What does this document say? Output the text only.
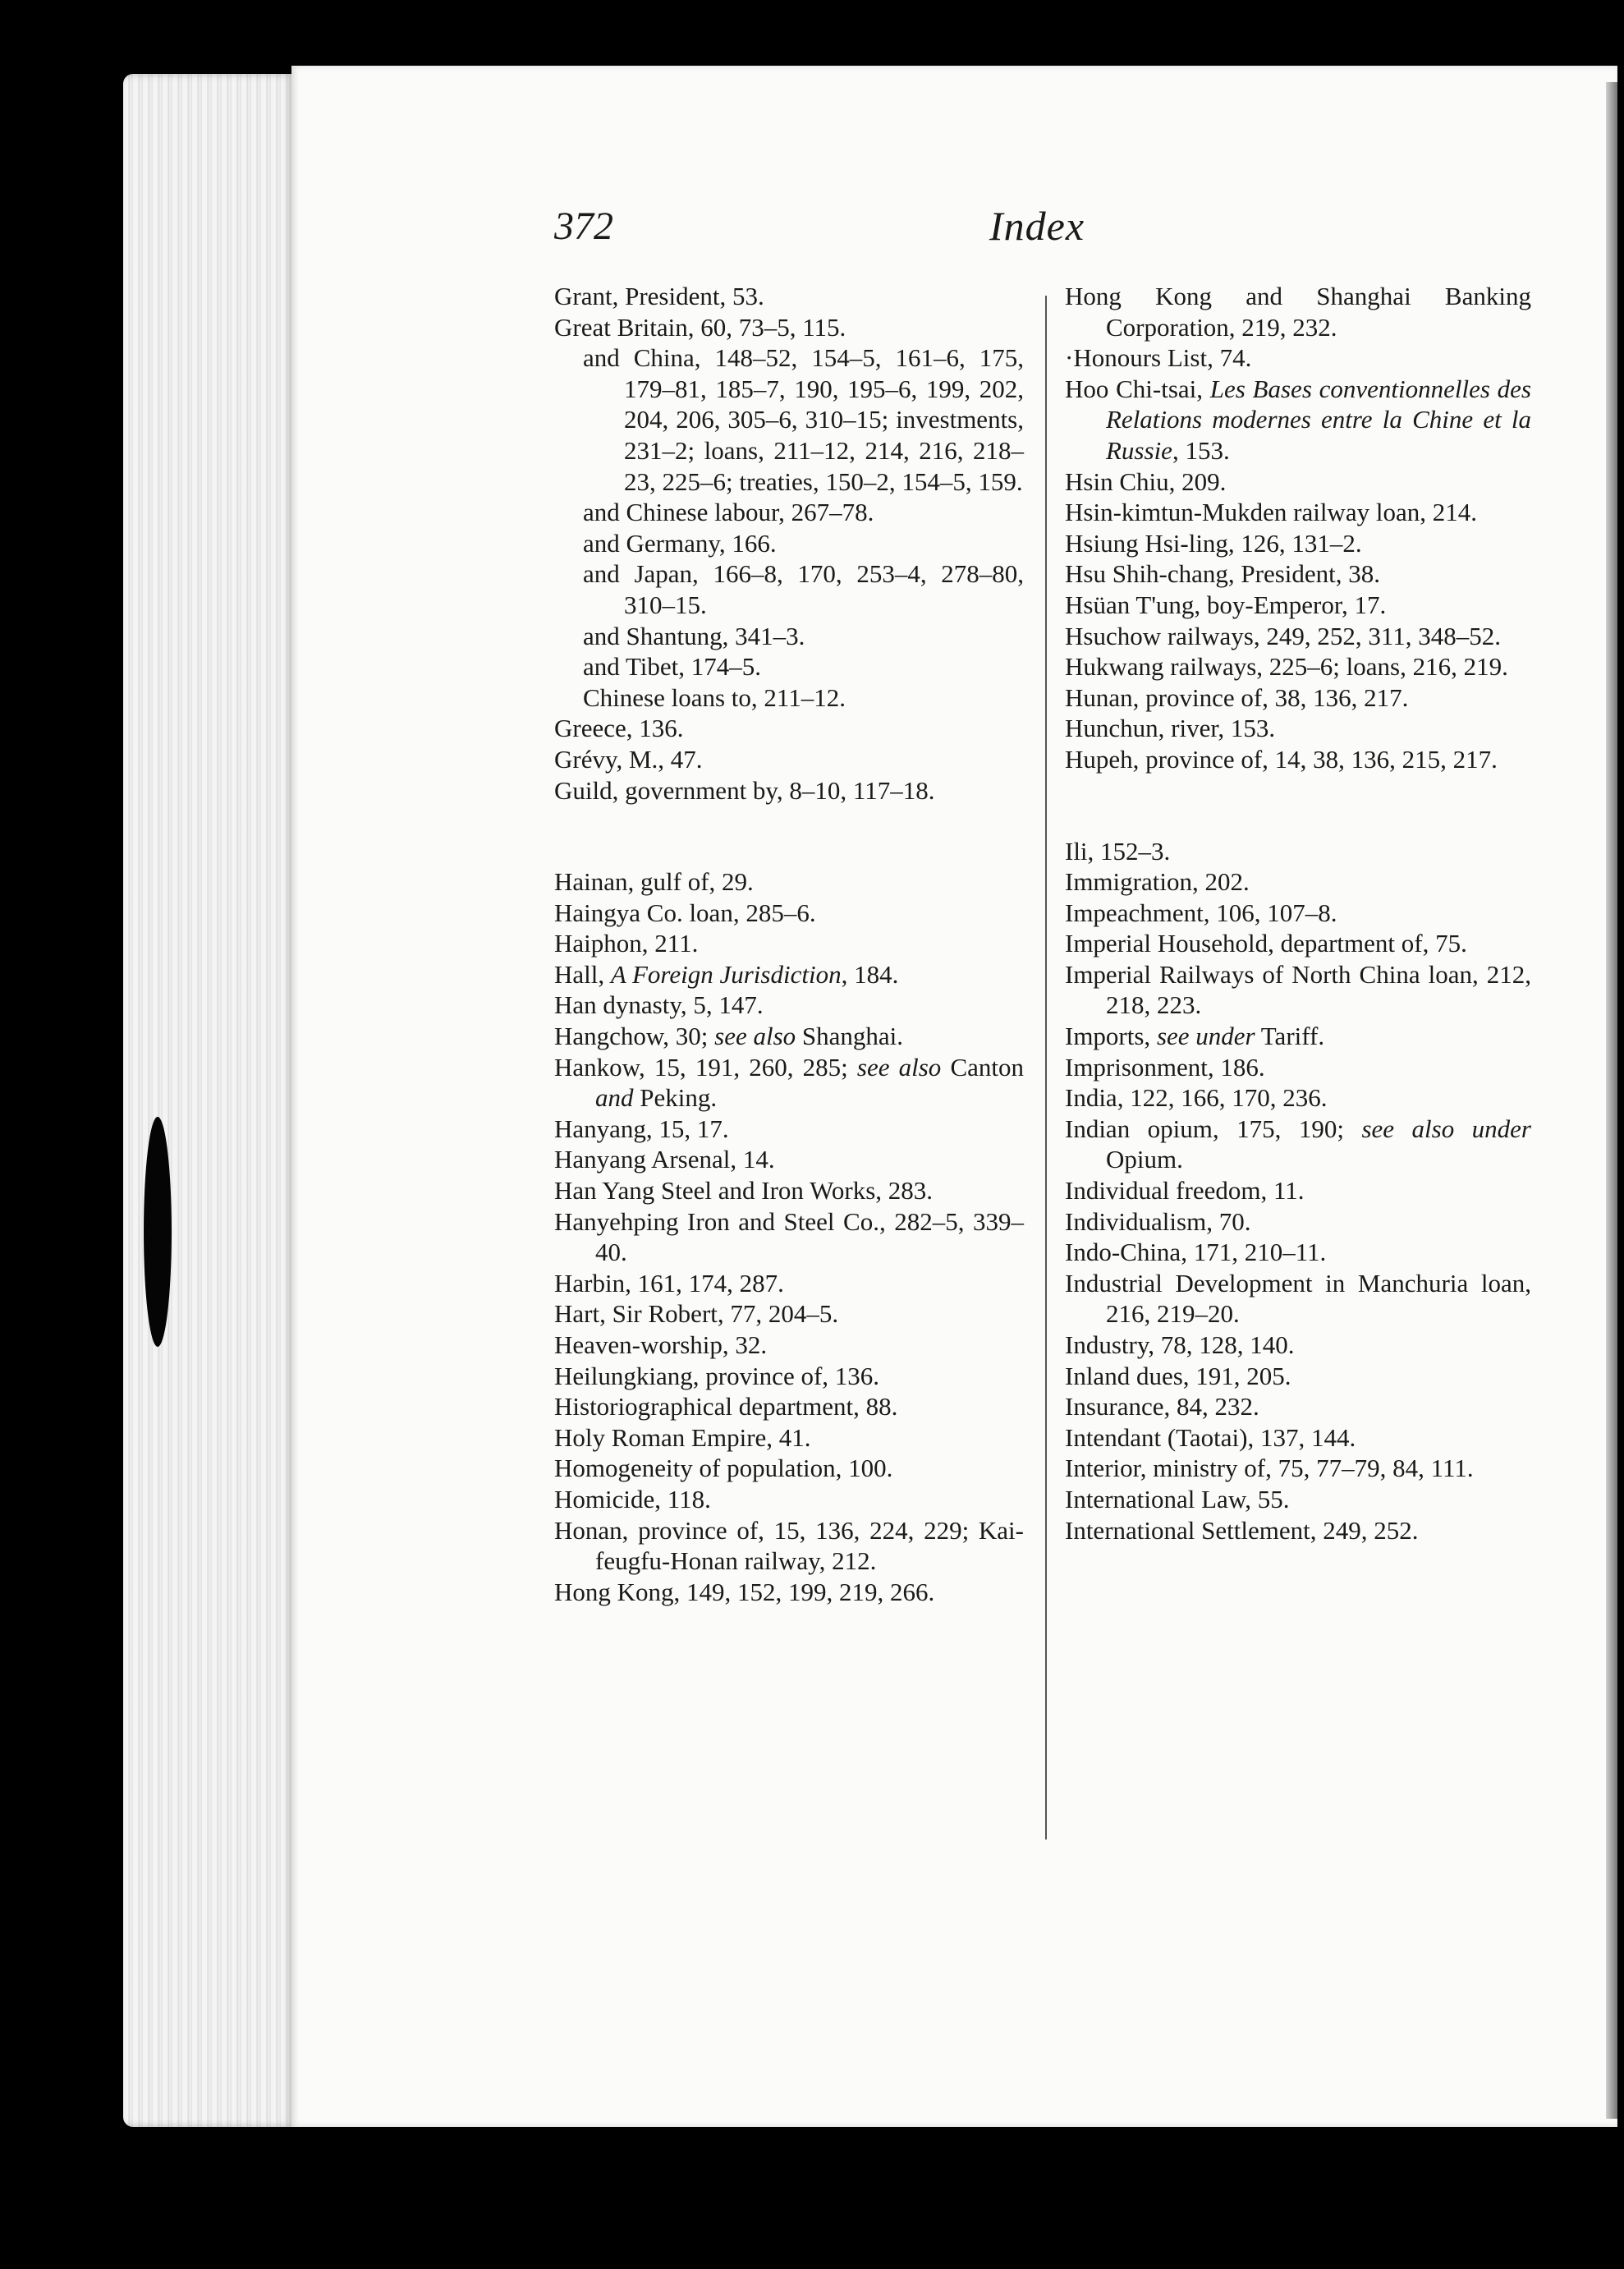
372	Index

Grant, President, 53.

Great Britain, 60, 73–5, 115.

and China, 148–52, 154–5, 161–6, 175, 179–81, 185–7, 190, 195–6, 199, 202, 204, 206, 305–6, 310–15; investments, 231–2; loans, 211–12, 214, 216, 218–23, 225–6; treaties, 150–2, 154–5, 159.

and Chinese labour, 267–78.

and Germany, 166.

and Japan, 166–8, 170, 253–4, 278–80, 310–15.

and Shantung, 341–3.

and Tibet, 174–5.

Chinese loans to, 211–12.

Greece, 136.

Grévy, M., 47.

Guild, government by, 8–10, 117–18.

Hainan, gulf of, 29.

Haingya Co. loan, 285–6.

Haiphon, 211.

Hall, A Foreign Jurisdiction, 184.

Han dynasty, 5, 147.

Hangchow, 30; see also Shanghai.

Hankow, 15, 191, 260, 285; see also Canton and Peking.

Hanyang, 15, 17.

Hanyang Arsenal, 14.

Han Yang Steel and Iron Works, 283.

Hanyehping Iron and Steel Co., 282–5, 339–40.

Harbin, 161, 174, 287.

Hart, Sir Robert, 77, 204–5.

Heaven-worship, 32.

Heilungkiang, province of, 136.

Historiographical department, 88.

Holy Roman Empire, 41.

Homogeneity of population, 100.

Homicide, 118.

Honan, province of, 15, 136, 224, 229; Kai-feugfu-Honan railway, 212.

Hong Kong, 149, 152, 199, 219, 266.

Hong Kong and Shanghai Banking Corporation, 219, 232.

·Honours List, 74.

Hoo Chi-tsai, Les Bases conventionnelles des Relations modernes entre la Chine et la Russie, 153.

Hsin Chiu, 209.

Hsin-kimtun-Mukden railway loan, 214.

Hsiung Hsi-ling, 126, 131–2.

Hsu Shih-chang, President, 38.

Hsüan T'ung, boy-Emperor, 17.

Hsuchow railways, 249, 252, 311, 348–52.

Hukwang railways, 225–6; loans, 216, 219.

Hunan, province of, 38, 136, 217.

Hunchun, river, 153.

Hupeh, province of, 14, 38, 136, 215, 217.

Ili, 152–3.

Immigration, 202.

Impeachment, 106, 107–8.

Imperial Household, department of, 75.

Imperial Railways of North China loan, 212, 218, 223.

Imports, see under Tariff.

Imprisonment, 186.

India, 122, 166, 170, 236.

Indian opium, 175, 190; see also under Opium.

Individual freedom, 11.

Individualism, 70.

Indo-China, 171, 210–11.

Industrial Development in Manchuria loan, 216, 219–20.

Industry, 78, 128, 140.

Inland dues, 191, 205.

Insurance, 84, 232.

Intendant (Taotai), 137, 144.

Interior, ministry of, 75, 77–79, 84, 111.

International Law, 55.

International Settlement, 249, 252.
